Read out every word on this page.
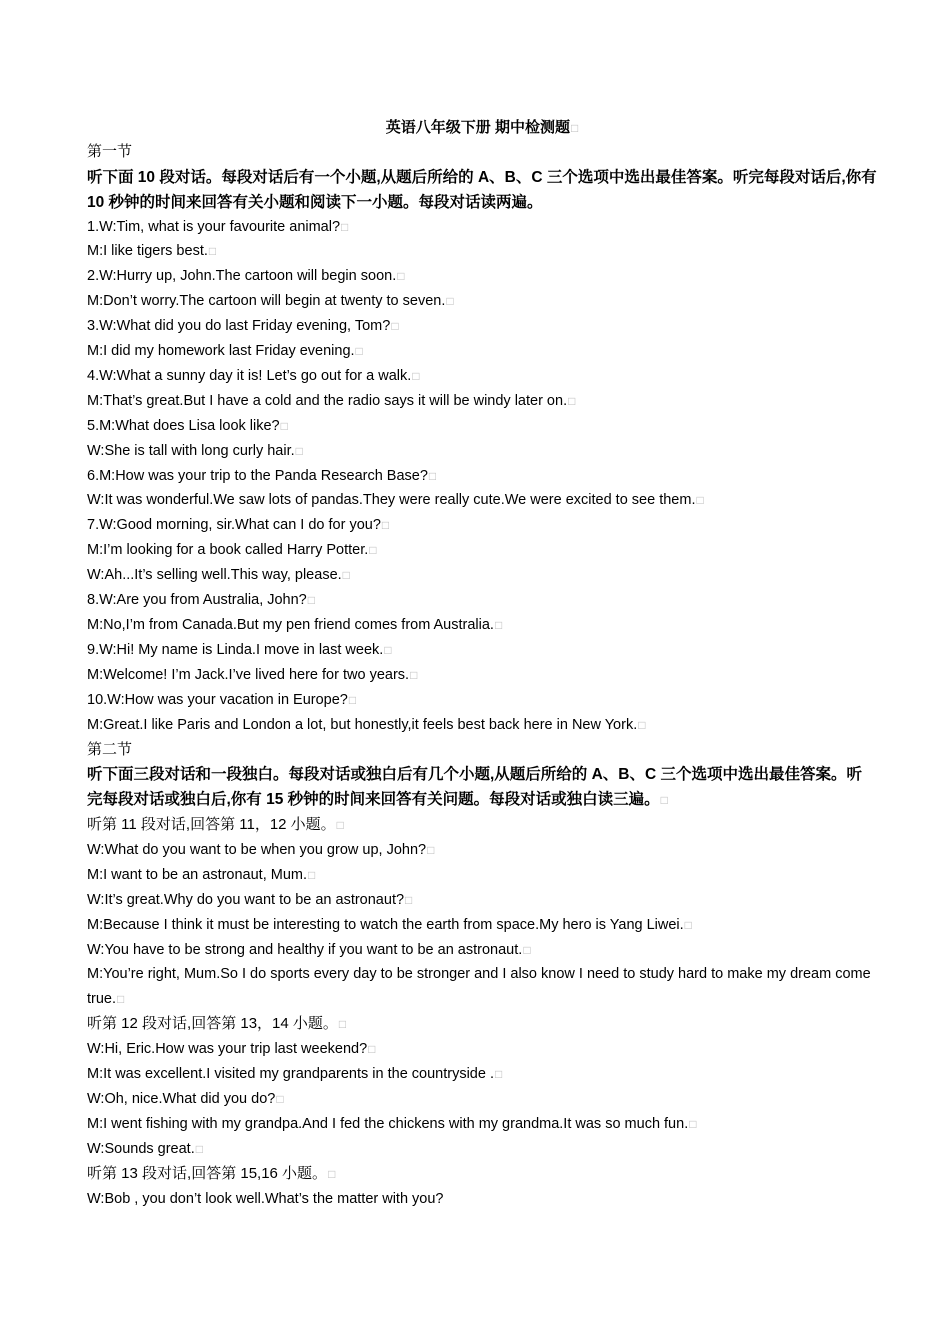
英语八年级下册 期中检测题□
第一节
听下面 10 段对话。每段对话后有一个小题,从题后所给的 A、B、C 三个选项中选出最佳答案。听完每段对话后,你有 10 秒钟的时间来回答有关小题和阅读下一小题。每段对话读两遍。
1.W:Tim, what is your favourite animal?□
M:I like tigers best.□
2.W:Hurry up, John.The cartoon will begin soon.□
M:Don’t worry.The cartoon will begin at twenty to seven.□
3.W:What did you do last Friday evening, Tom?□
M:I did my homework last Friday evening.□
4.W:What a sunny day it is! Let’s go out for a walk.□
M:That’s great.But I have a cold and the radio says it will be windy later on.□
5.M:What does Lisa look like?□
W:She is tall with long curly hair.□
6.M:How was your trip to the Panda Research Base?□
W:It was wonderful.We saw lots of pandas.They were really cute.We were excited to see them.□
7.W:Good morning, sir.What can I do for you?□
M:I’m looking for a book called Harry Potter.□
W:Ah...It’s selling well.This way, please.□
8.W:Are you from Australia, John?□
M:No,I’m from Canada.But my pen friend comes from Australia.□
9.W:Hi! My name is Linda.I move in last week.□
M:Welcome! I’m Jack.I’ve lived here for two years.□
10.W:How was your vacation in Europe?□
M:Great.I like Paris and London a lot, but honestly,it feels best back here in New York.□
第二节
听下面三段对话和一段独白。每段对话或独白后有几个小题,从题后所给的 A、B、C 三个选项中选出最佳答案。听完每段对话或独白后,你有 15 秒钟的时间来回答有关问题。每段对话或独白读三遍。□
听第 11 段对话,回答第 11，12 小题。□
W:What do you want to be when you grow up, John?□
M:I want to be an astronaut, Mum.□
W:It’s great.Why do you want to be an astronaut?□
M:Because I think it must be interesting to watch the earth from space.My hero is Yang Liwei.□
W:You have to be strong and healthy if you want to be an astronaut.□
M:You’re right, Mum.So I do sports every day to be stronger and I also know I need to study hard to make my dream come true.□
听第 12 段对话,回答第 13，14 小题。□
W:Hi, Eric.How was your trip last weekend?□
M:It was excellent.I visited my grandparents in the countryside .□
W:Oh, nice.What did you do?□
M:I went fishing with my grandpa.And I fed the chickens with my grandma.It was so much fun.□
W:Sounds great.□
听第 13 段对话,回答第 15,16 小题。□
W:Bob , you don’t look well.What’s the matter with you?
